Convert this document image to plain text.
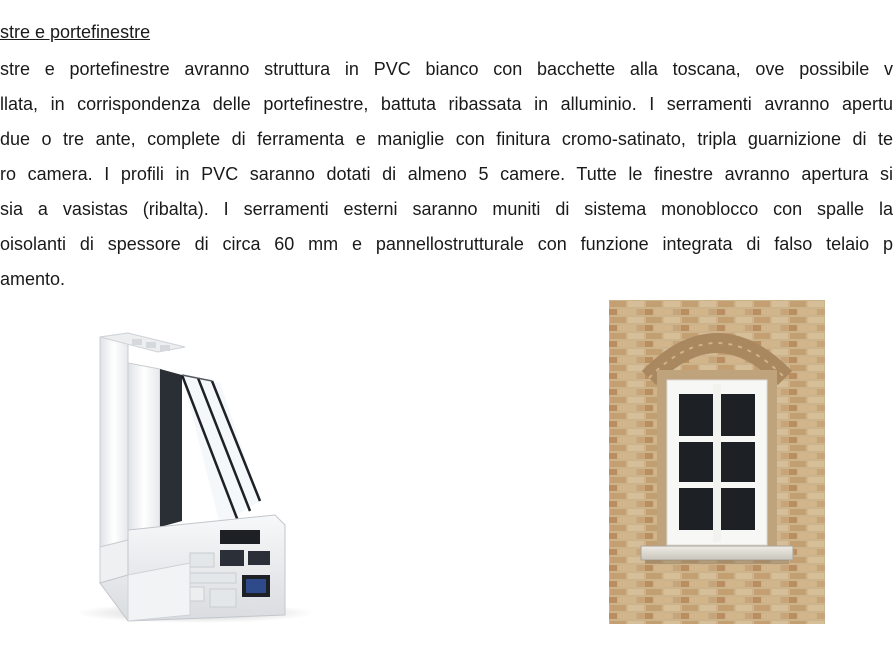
stre e portefinestre
stre e portefinestre avranno struttura in PVC bianco con bacchette alla toscana, ove possibile v
llata, in corrispondenza delle portefinestre, battuta ribassata in alluminio. I serramenti avranno apertu
due o tre ante, complete di ferramenta e maniglie con finitura cromo-satinato, tripla guarnizione di te
ro camera. I profili in PVC saranno dotati di almeno 5 camere. Tutte le finestre avranno apertura si
sia a vasistas (ribalta). I serramenti esterni saranno muniti di sistema monoblocco con spalle la
oisolanti di spessore di circa 60 mm e pannellostrutturale con funzione integrata di falso telaio p
amento.
